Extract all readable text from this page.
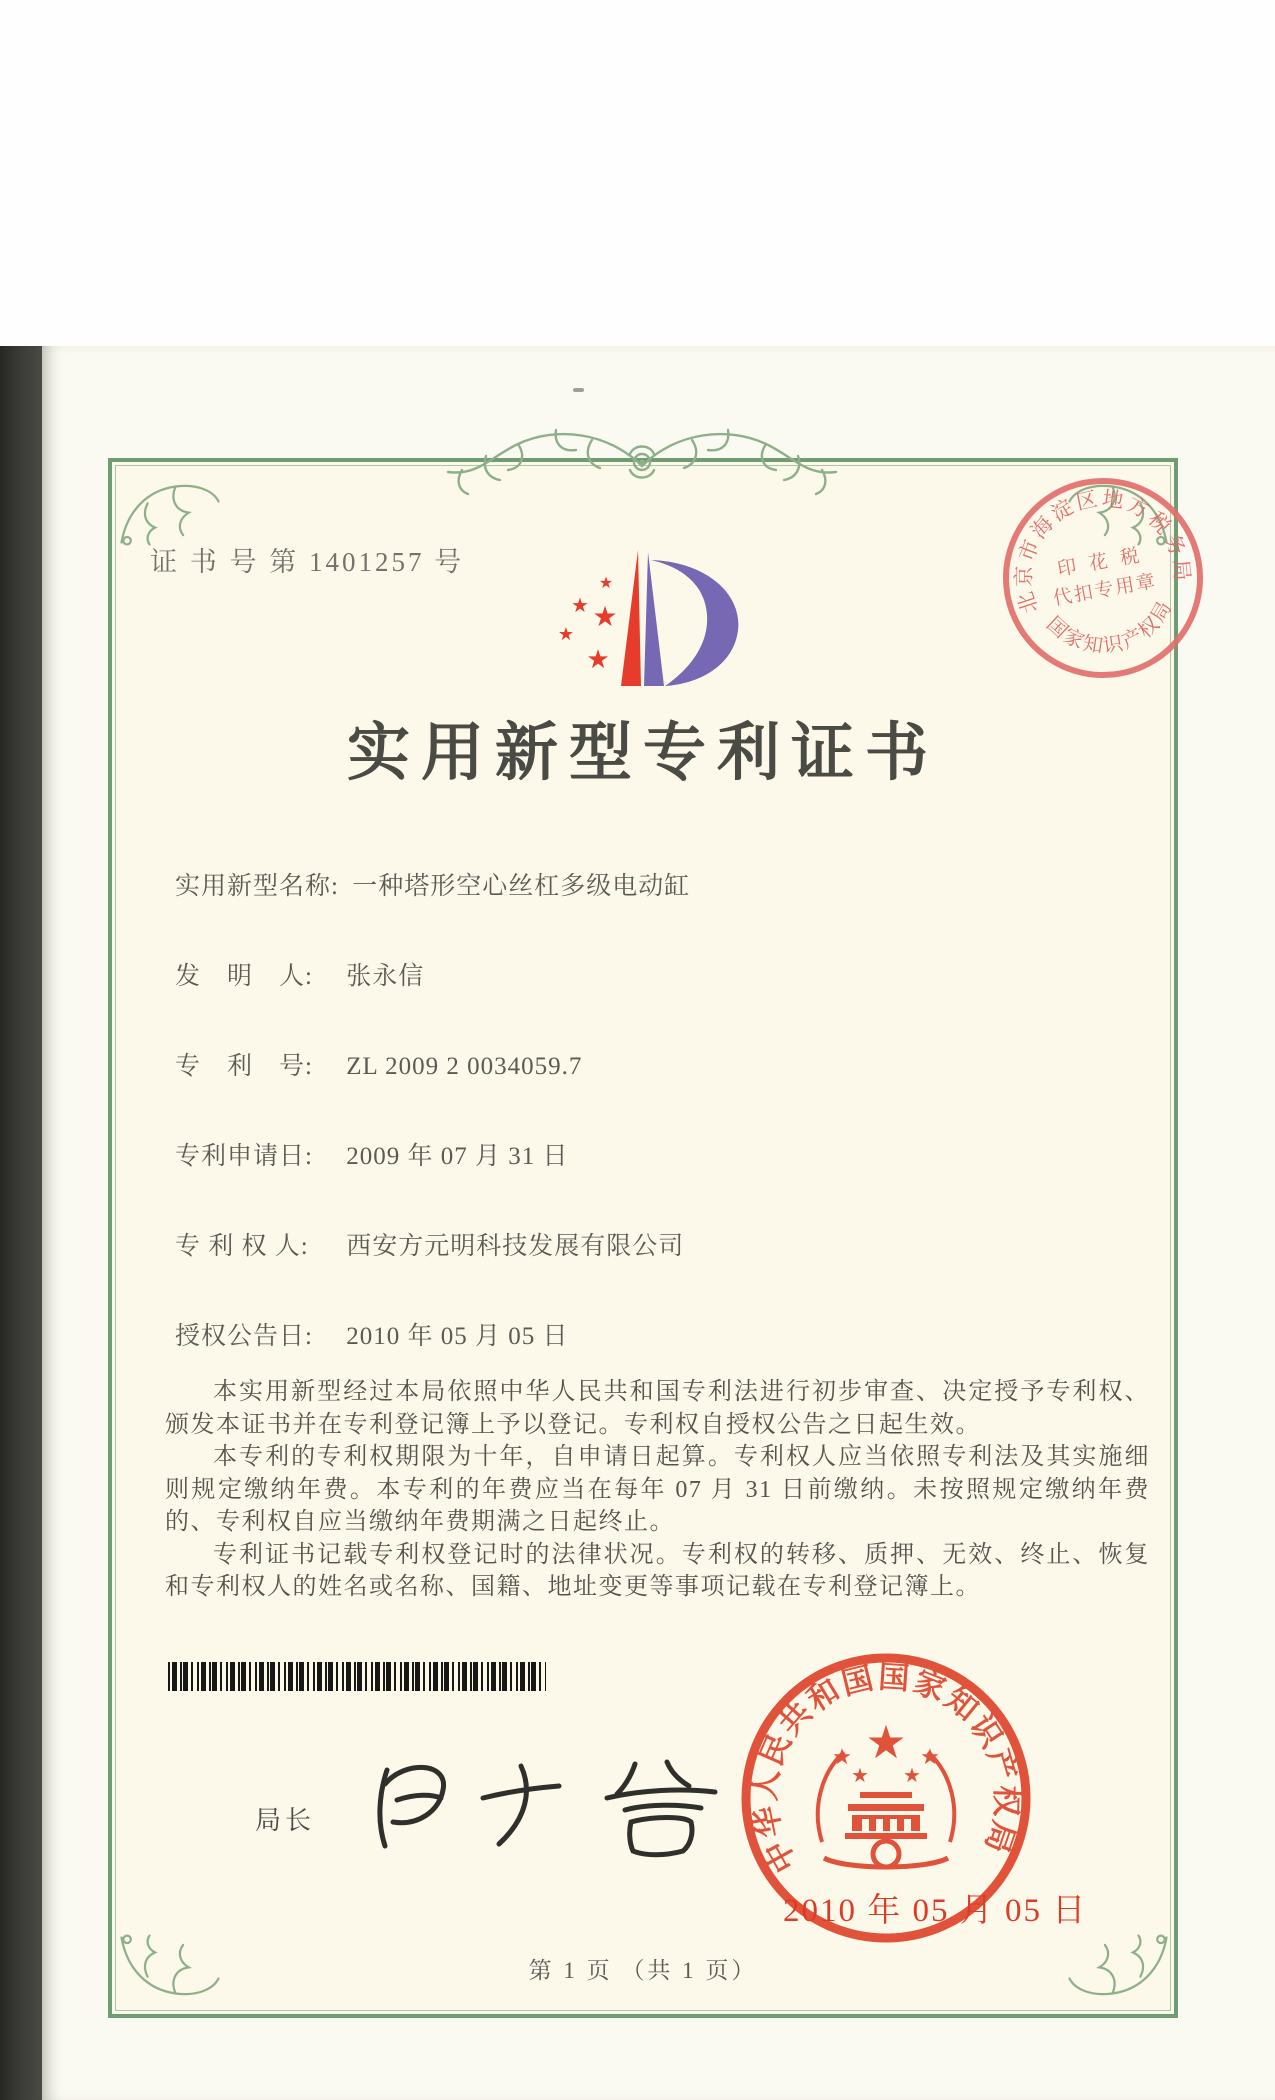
证 书 号 第 1401257 号
★
★ ★
★
★
实用新型专利证书
实用新型名称: 一种塔形空心丝杠多级电动缸
发　明　人: 张永信
专　利　号: ZL 2009 2 0034059.7
专利申请日: 2009 年 07 月 31 日
专 利 权 人: 西安方元明科技发展有限公司
授权公告日: 2010 年 05 月 05 日

本实用新型经过本局依照中华人民共和国专利法进行初步审查、决定授予专利权、颁发本证书并在专利登记簿上予以登记。专利权自授权公告之日起生效。

本专利的专利权期限为十年，自申请日起算。专利权人应当依照专利法及其实施细则规定缴纳年费。本专利的年费应当在每年 07 月 31 日前缴纳。未按照规定缴纳年费的、专利权自应当缴纳年费期满之日起终止。

专利证书记载专利权登记时的法律状况。专利权的转移、质押、无效、终止、恢复和专利权人的姓名或名称、国籍、地址变更等事项记载在专利登记簿上。

局长
北京市海淀区地方税务局
国家知识产权局
印 花 税
代扣专用章
中华人民共和国国家知识产权局
★
★	★
★ ★
2010 年 05 月 05 日
第 1 页 （共 1 页）
